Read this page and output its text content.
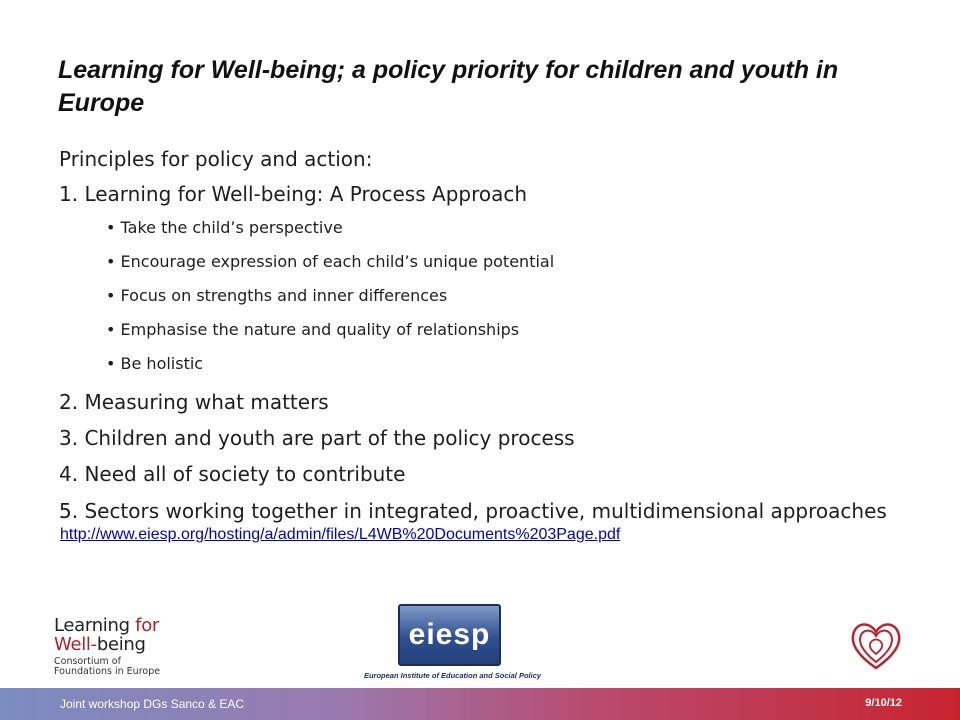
Learning for Well-being; a policy priority for children and youth in Europe
Principles for policy and action:
1. Learning for Well-being: A Process Approach
• Take the child’s perspective
• Encourage expression of each child’s unique potential
• Focus on strengths and inner differences
• Emphasise the nature and quality of relationships
• Be holistic
2. Measuring what matters
3. Children and youth are part of the policy process
4. Need all of society to contribute
5. Sectors working together in integrated, proactive, multidimensional approaches
http://www.eiesp.org/hosting/a/admin/files/L4WB%20Documents%203Page.pdf
Learning for
Well-being
Consortium of
Foundations in Europe
eiesp
European Institute of Education and Social Policy
Joint workshop DGs Sanco & EAC	9/10/12
